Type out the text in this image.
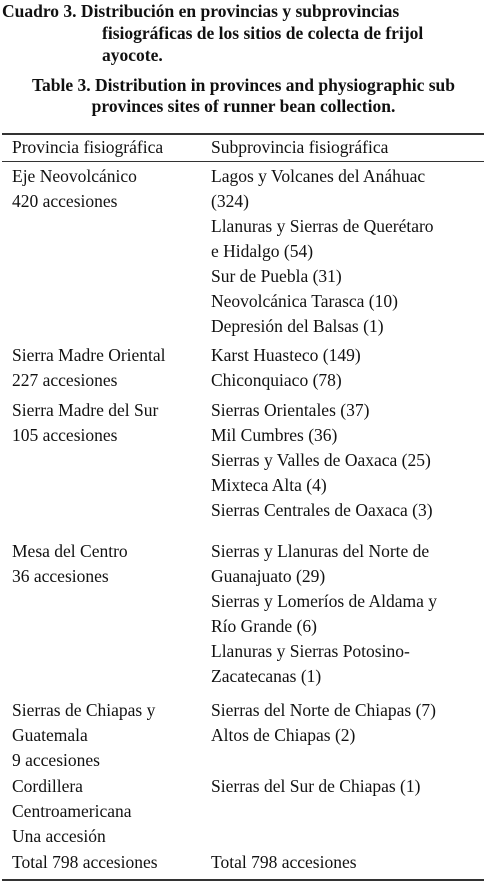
Cuadro 3. Distribución en provincias y subprovincias
fisiográficas de los sitios de colecta de frijol
ayocote.
Table 3. Distribution in provinces and physiographic sub
provinces sites of runner bean collection.
Provincia fisiográfica	Subprovincia fisiográfica
Eje Neovolcánico
420 accesiones
Lagos y Volcanes del Anáhuac
(324)
Llanuras y Sierras de Querétaro
e Hidalgo (54)
Sur de Puebla (31)
Neovolcánica Tarasca (10)
Depresión del Balsas (1)
Sierra Madre Oriental
227 accesiones
Karst Huasteco (149)
Chiconquiaco (78)
Sierra Madre del Sur
105 accesiones
Sierras Orientales (37)
Mil Cumbres (36)
Sierras y Valles de Oaxaca (25)
Mixteca Alta (4)
Sierras Centrales de Oaxaca (3)
Mesa del Centro
36 accesiones
Sierras y Llanuras del Norte de
Guanajuato (29)
Sierras y Lomeríos de Aldama y
Río Grande (6)
Llanuras y Sierras Potosino-
Zacatecanas (1)
Sierras de Chiapas y
Guatemala
9 accesiones
Sierras del Norte de Chiapas (7)
Altos de Chiapas (2)
Cordillera
Centroamericana
Una accesión
Sierras del Sur de Chiapas (1)
Total 798 accesiones	Total 798 accesiones
